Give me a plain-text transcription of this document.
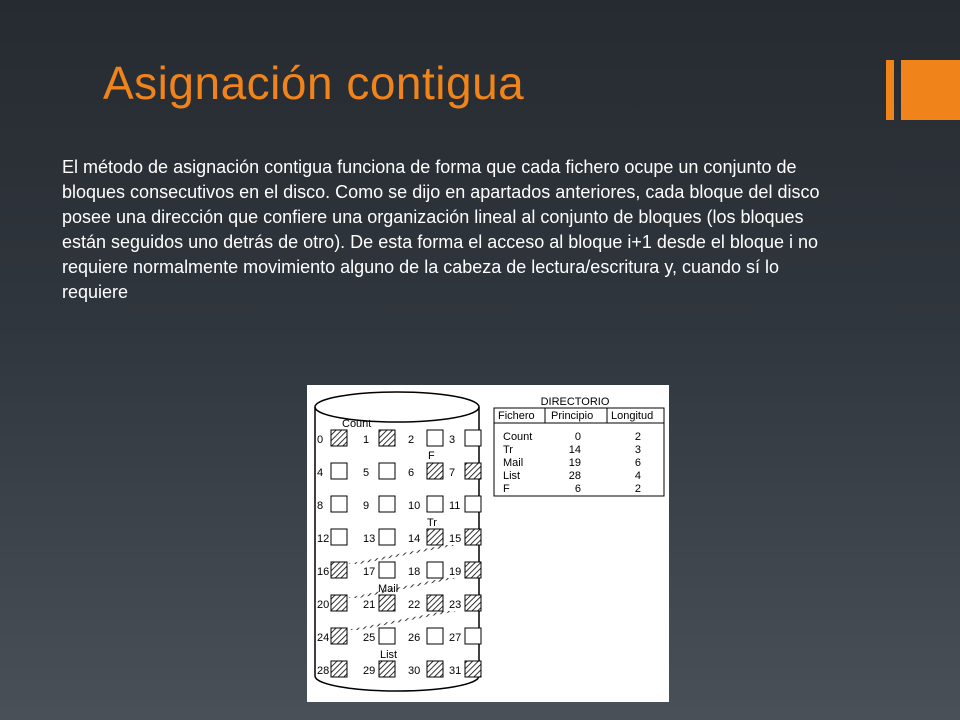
Asignación contigua

El método de asignación contigua funciona de forma que cada fichero ocupe un conjunto de

bloques consecutivos en el disco. Como se dijo en apartados anteriores, cada bloque del disco

posee una dirección que confiere una organización lineal al conjunto de bloques (los bloques

están seguidos uno detrás de otro). De esta forma el acceso al bloque i+1 desde el bloque i no

requiere normalmente movimiento alguno de la cabeza de lectura/escritura y, cuando sí lo

requiere

0	1	2	3
4	5	6	7
8	9	10	11
12	13	14	15
16	17	18	19
20	21	22	23
24	25	26	27
28	29	30	31
Count
F
Tr
Mail
List
DIRECTORIO
Fichero Principio Longitud
Count	0	2
Tr	14	3
Mail	19	6
List	28	4
F	6	2
